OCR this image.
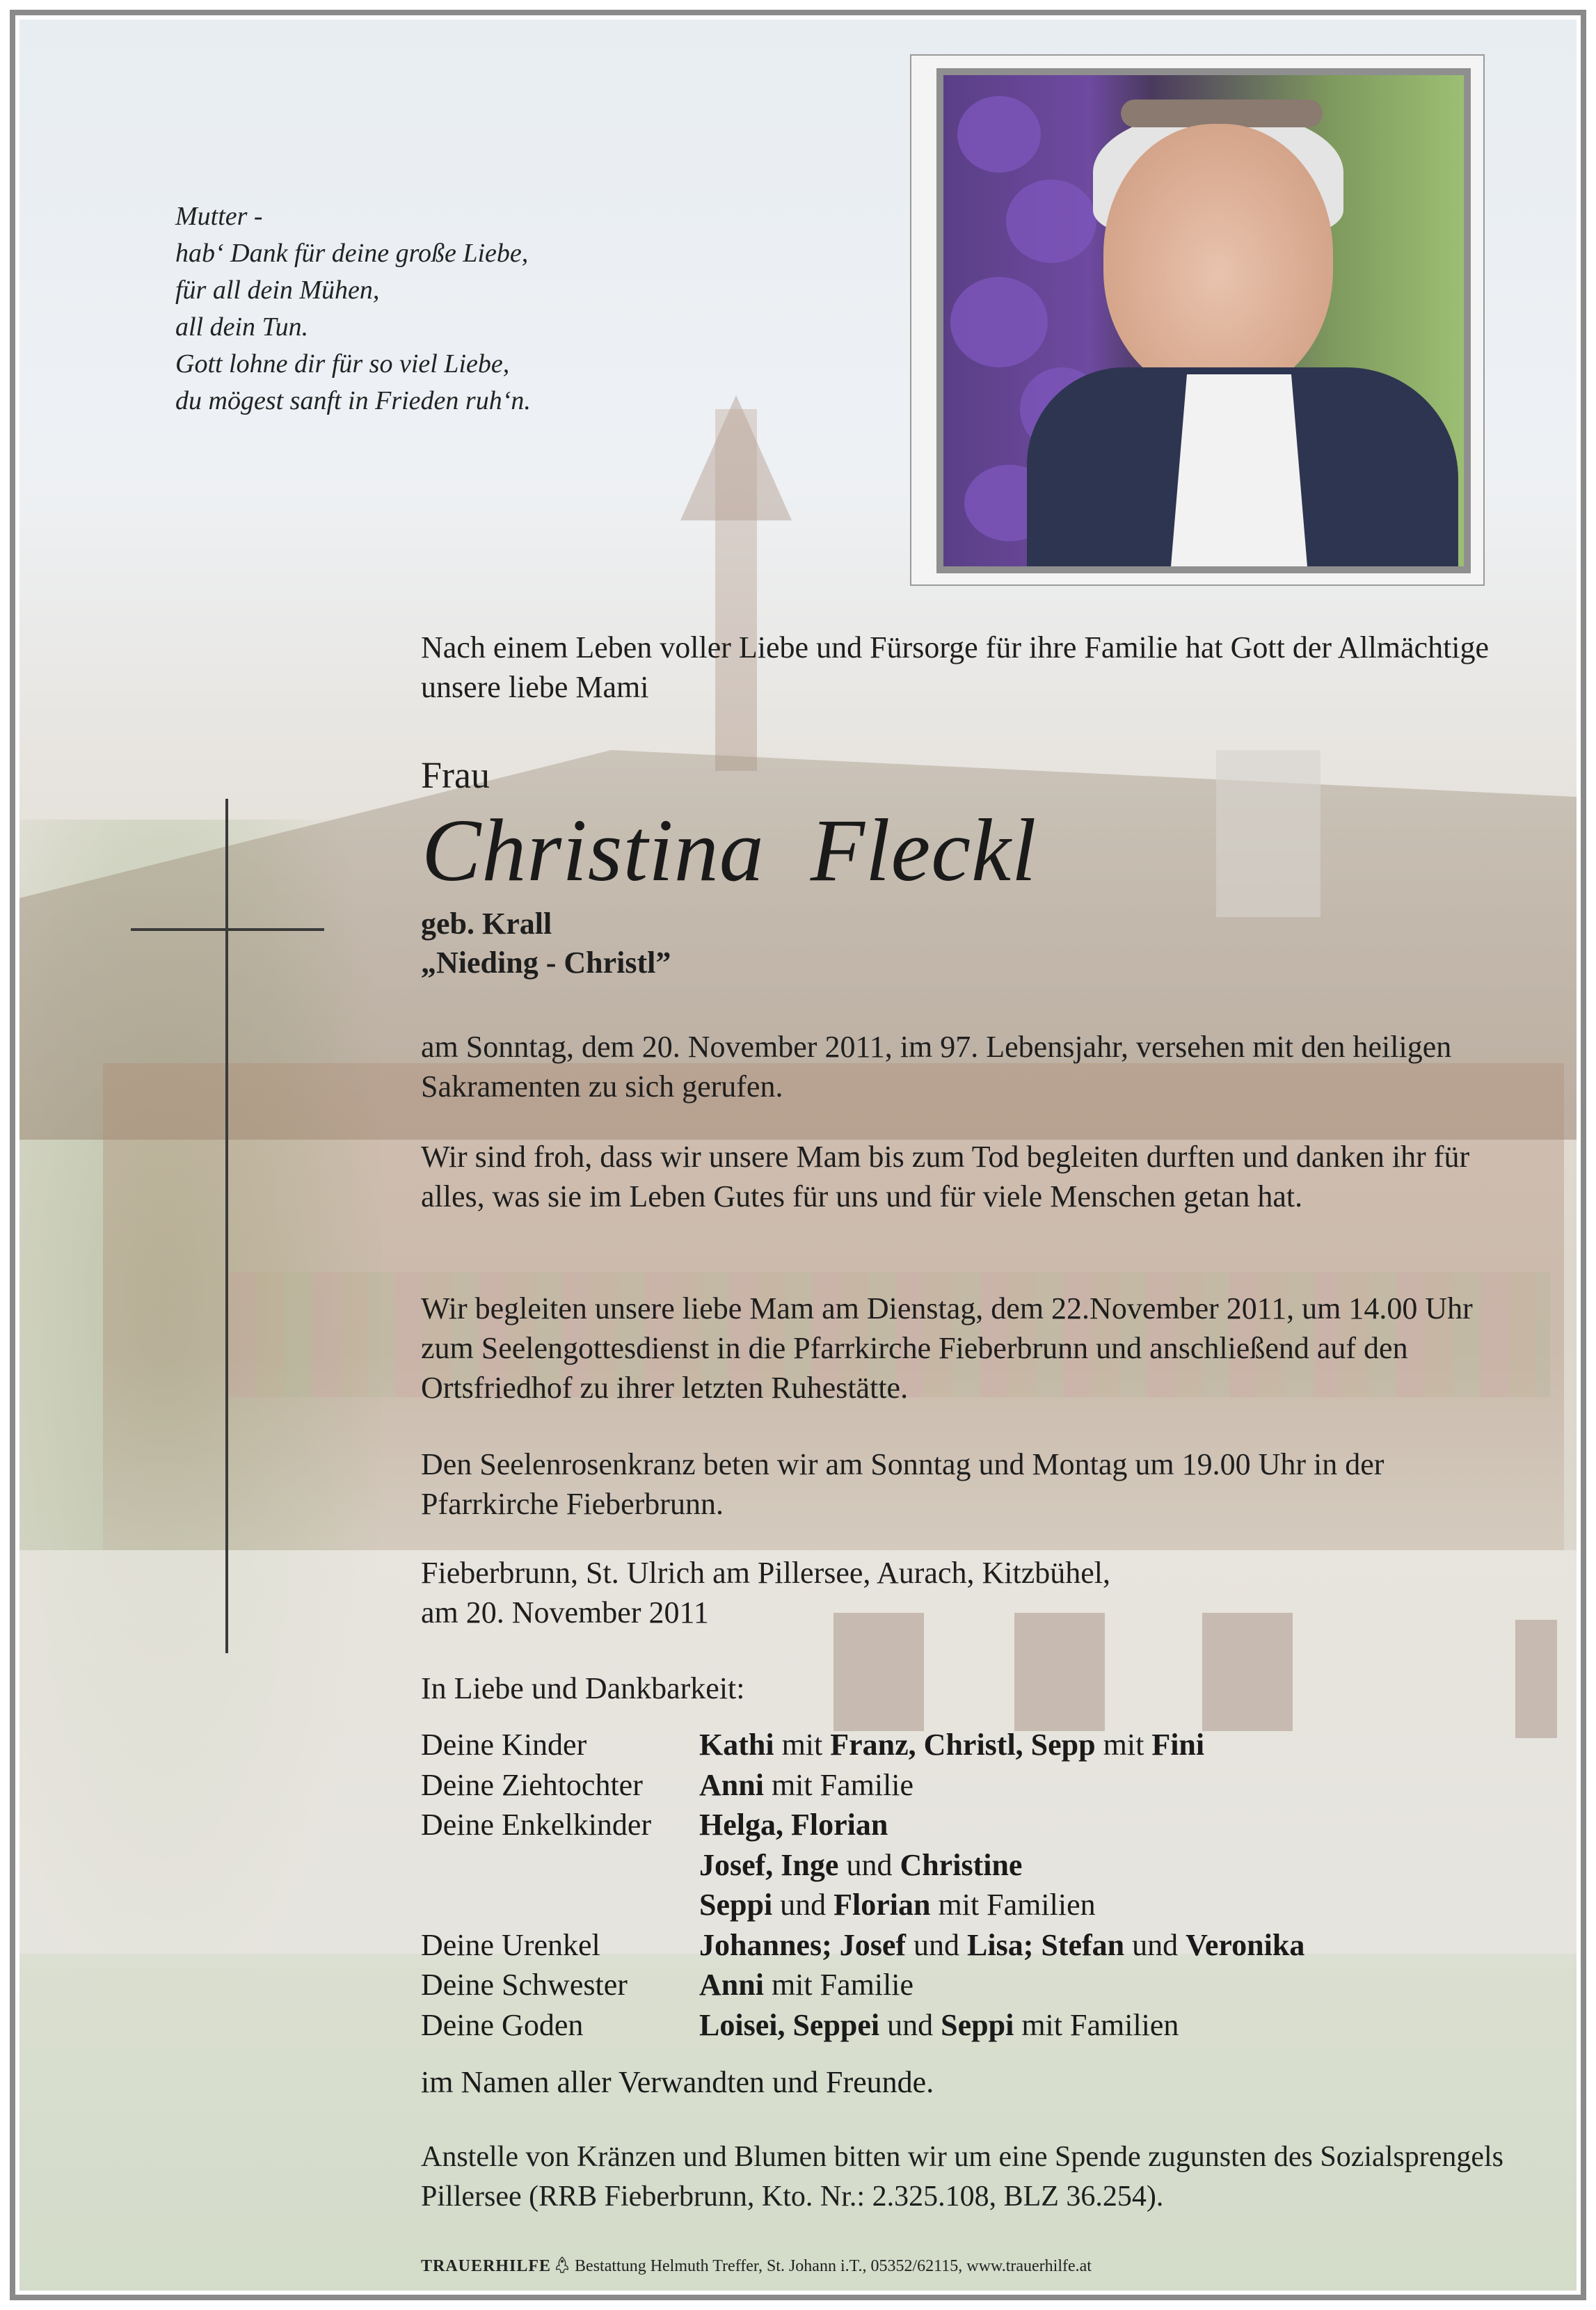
Mutter -
hab‘ Dank für deine große Liebe,
für all dein Mühen,
all dein Tun.
Gott lohne dir für so viel Liebe,
du mögest sanft in Frieden ruh‘n.
Nach einem Leben voller Liebe und Fürsorge für ihre Familie hat Gott der Allmächtige unsere liebe Mami
Frau
Christina  Fleckl
geb. Krall
„Nieding - Christl”
am Sonntag, dem 20. November 2011, im 97. Lebensjahr, versehen mit den heiligen Sakramenten zu sich gerufen.
Wir sind froh, dass wir unsere Mam bis zum Tod begleiten durften und danken ihr für alles, was sie im Leben Gutes für uns und für viele Menschen getan hat.
Wir begleiten unsere liebe Mam am Dienstag, dem 22.November 2011, um 14.00 Uhr zum Seelengottesdienst in die Pfarrkirche Fieberbrunn und anschließend auf den Ortsfriedhof zu ihrer letzten Ruhestätte.
Den Seelenrosenkranz beten wir am Sonntag und Montag um 19.00 Uhr in der Pfarrkirche Fieberbrunn.
Fieberbrunn, St. Ulrich am Pillersee, Aurach, Kitzbühel,
am 20. November 2011
In Liebe und Dankbarkeit:
Deine Kinder	Kathi mit Franz, Christl, Sepp mit Fini
Deine Ziehtochter	Anni mit Familie
Deine Enkelkinder	Helga, Florian
Josef, Inge und Christine
Seppi und Florian mit Familien
Deine Urenkel	Johannes; Josef und Lisa; Stefan und Veronika
Deine Schwester	Anni mit Familie
Deine Goden	Loisei, Seppei und Seppi mit Familien
im Namen aller Verwandten und Freunde.
Anstelle von Kränzen und Blumen bitten wir um eine Spende zugunsten des Sozialsprengels Pillersee (RRB Fieberbrunn, Kto. Nr.: 2.325.108, BLZ 36.254).
TRAUERHILFE Bestattung Helmuth Treffer, St. Johann i.T., 05352/62115, www.trauerhilfe.at
